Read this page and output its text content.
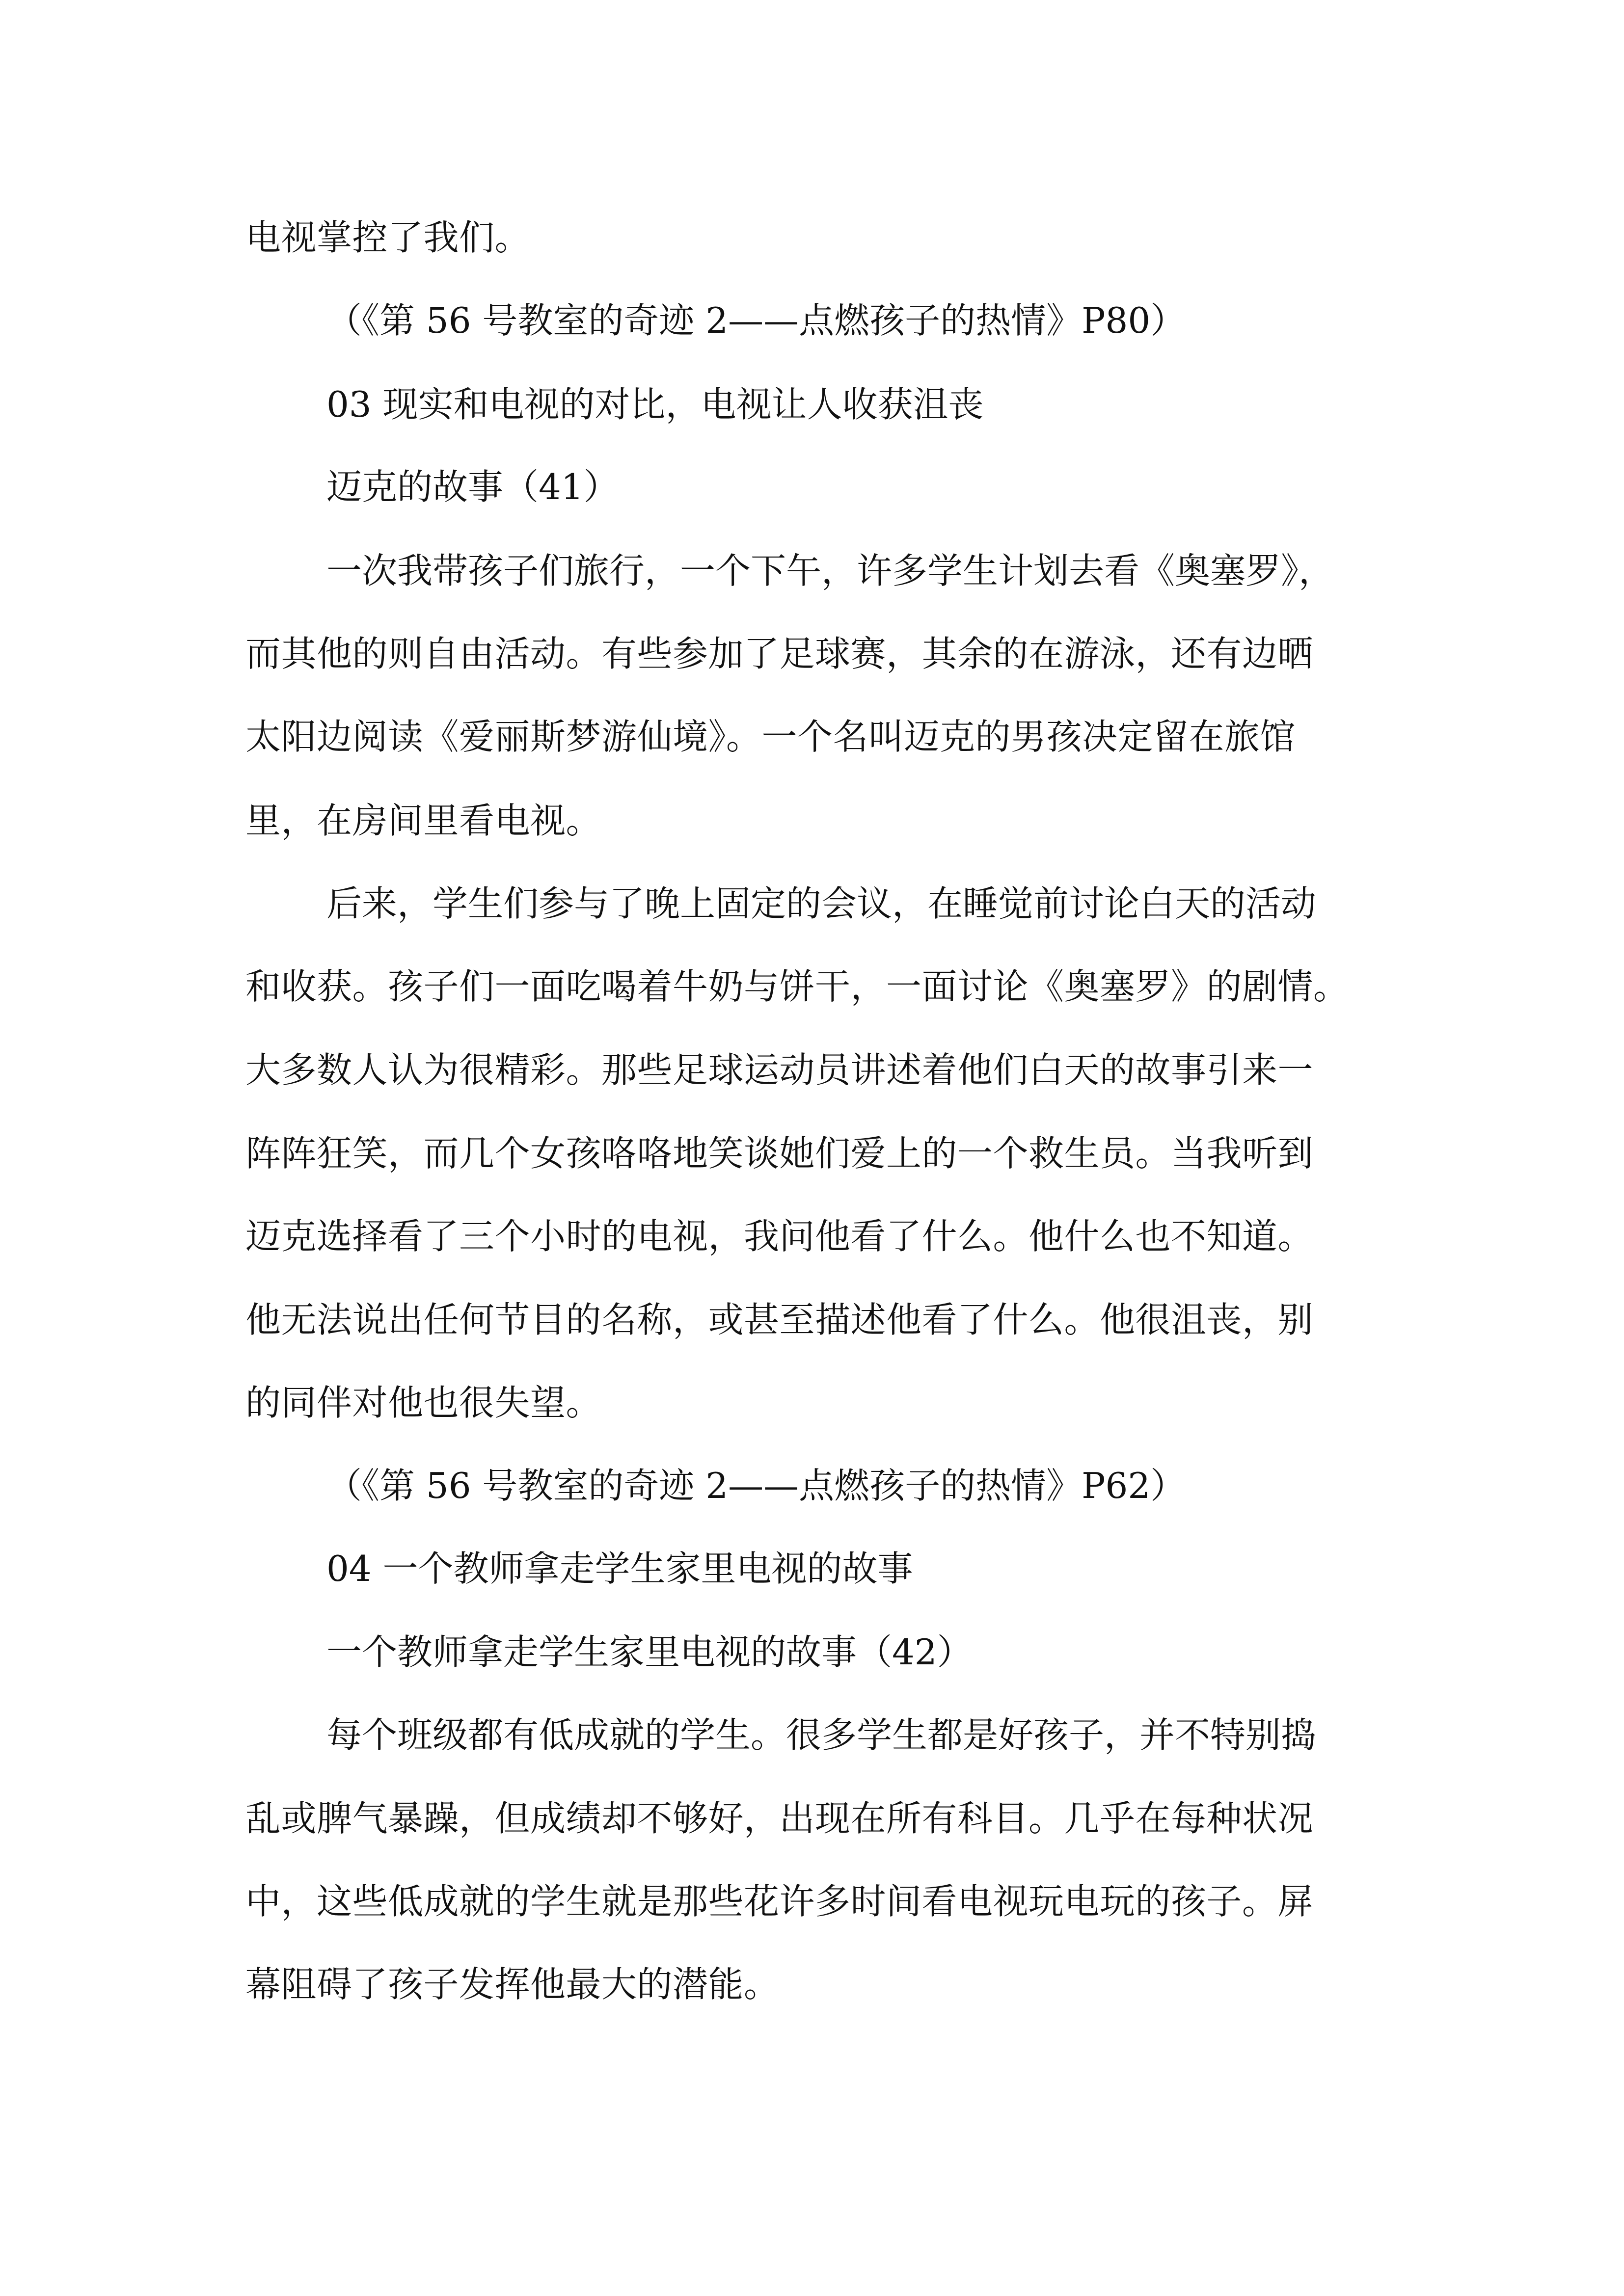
电视掌控了我们。

（《第 56 号教室的奇迹 2——点燃孩子的热情》P80）

03 现实和电视的对比，电视让人收获沮丧

迈克的故事（41）

一次我带孩子们旅行，一个下午，许多学生计划去看《奥塞罗》，

而其他的则自由活动。有些参加了足球赛，其余的在游泳，还有边晒

太阳边阅读《爱丽斯梦游仙境》。一个名叫迈克的男孩决定留在旅馆

里，在房间里看电视。

后来，学生们参与了晚上固定的会议，在睡觉前讨论白天的活动

和收获。孩子们一面吃喝着牛奶与饼干，一面讨论《奥塞罗》的剧情。

大多数人认为很精彩。那些足球运动员讲述着他们白天的故事引来一

阵阵狂笑，而几个女孩咯咯地笑谈她们爱上的一个救生员。当我听到

迈克选择看了三个小时的电视，我问他看了什么。他什么也不知道。

他无法说出任何节目的名称，或甚至描述他看了什么。他很沮丧，别

的同伴对他也很失望。

（《第 56 号教室的奇迹 2——点燃孩子的热情》P62）

04 一个教师拿走学生家里电视的故事

一个教师拿走学生家里电视的故事（42）

每个班级都有低成就的学生。很多学生都是好孩子，并不特别捣

乱或脾气暴躁，但成绩却不够好，出现在所有科目。几乎在每种状况

中，这些低成就的学生就是那些花许多时间看电视玩电玩的孩子。屏

幕阻碍了孩子发挥他最大的潜能。
